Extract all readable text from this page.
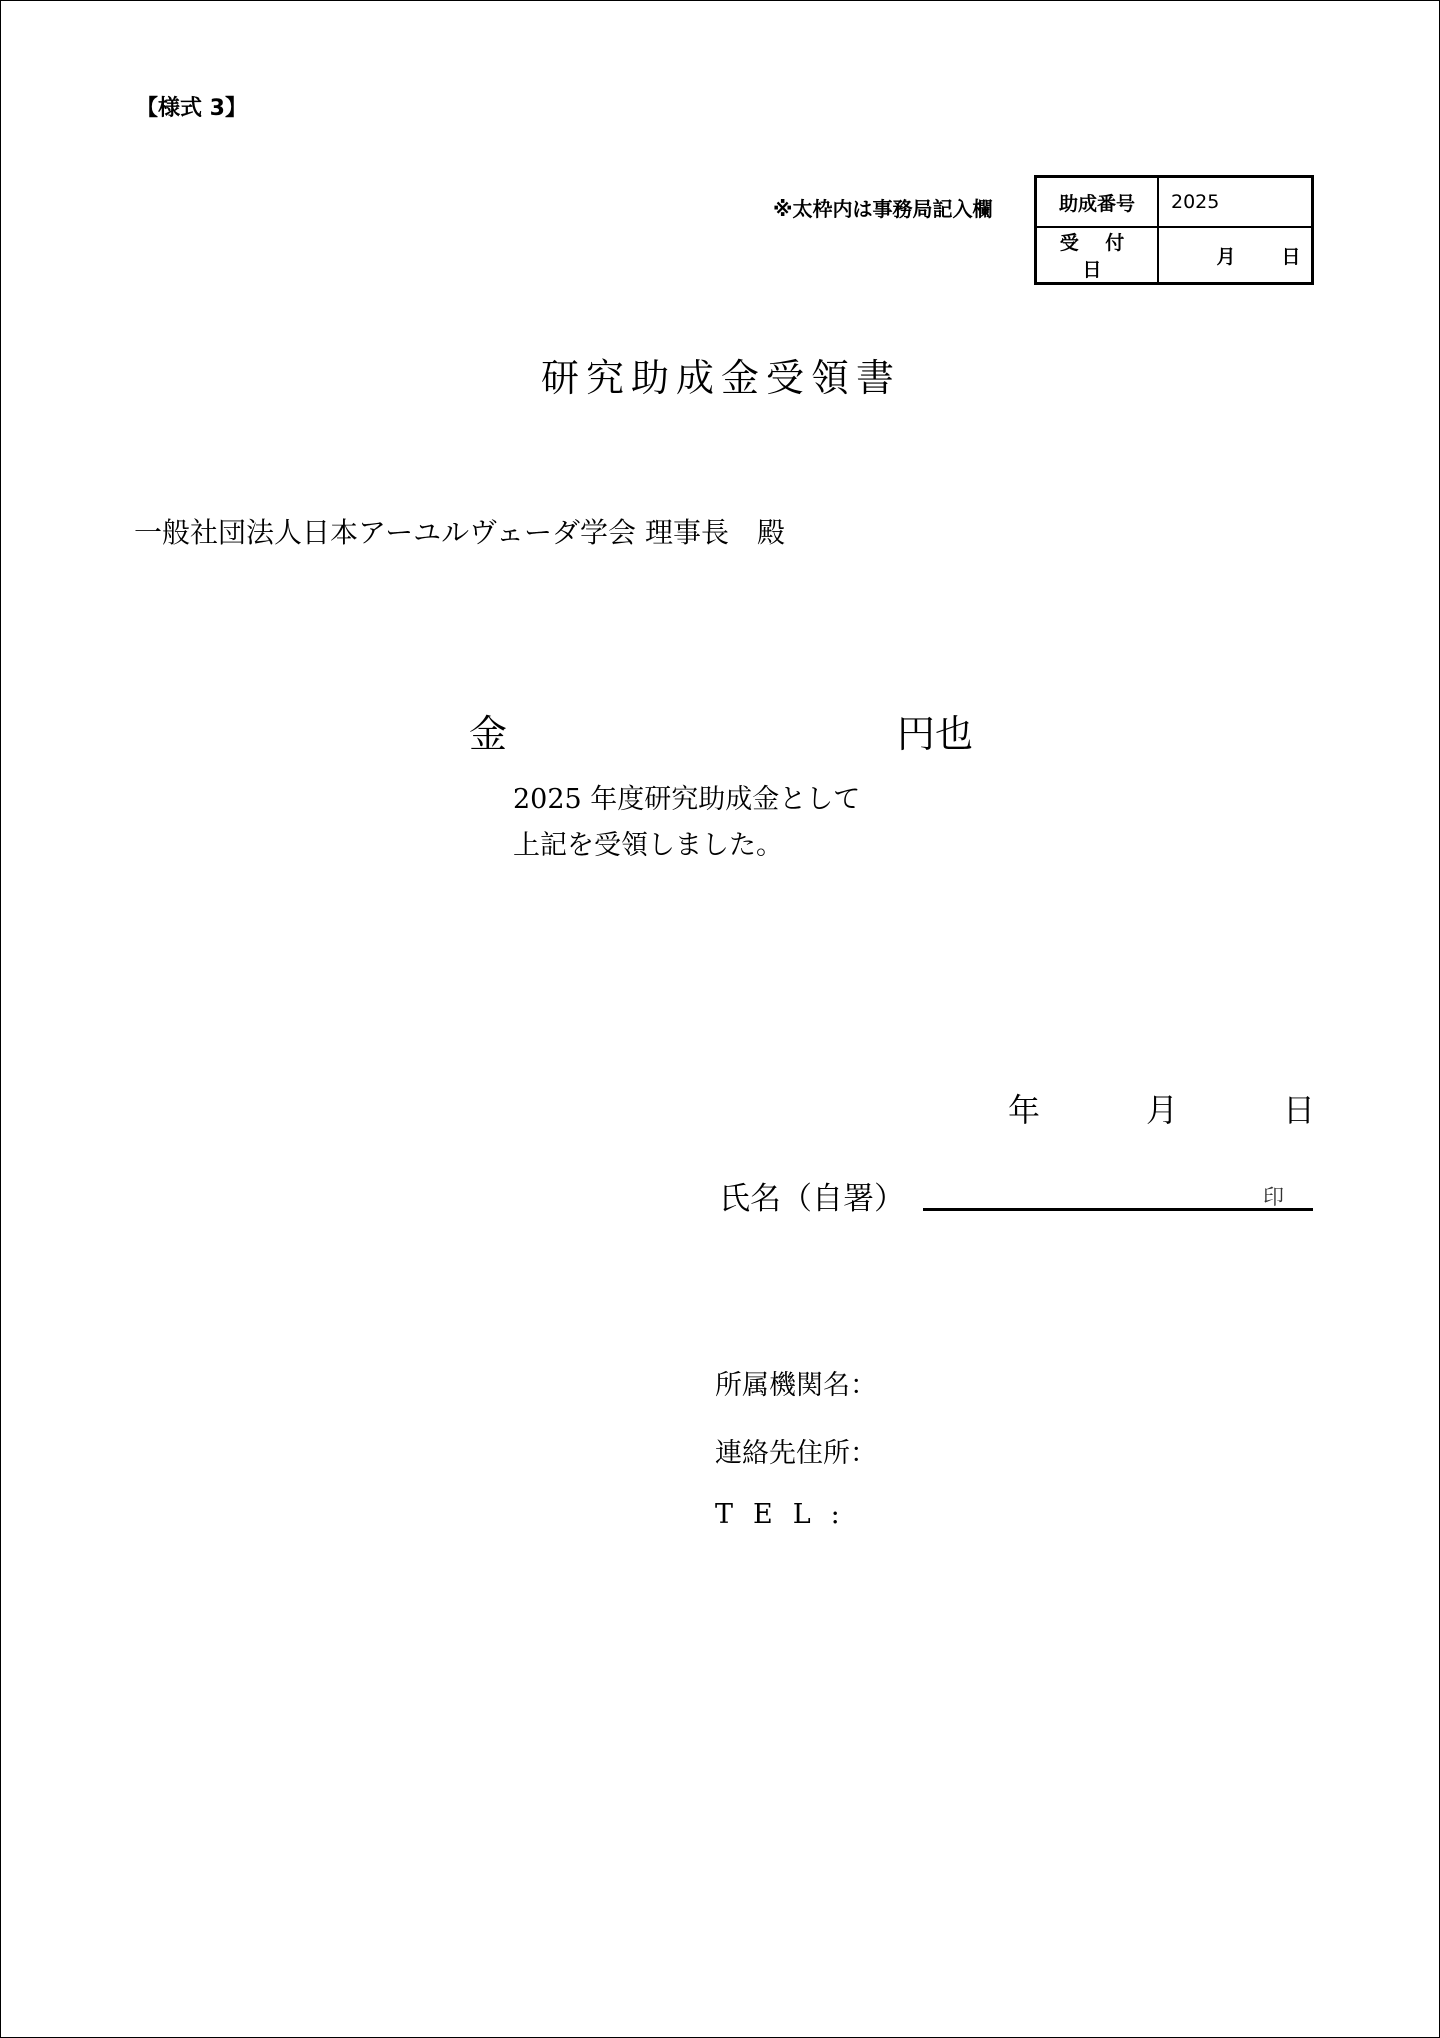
【様式 3】
※太枠内は事務局記入欄	助成番号	2025
受 付 日	月 日
研究助成金受領書
一般社団法人日本アーユルヴェーダ学会 理事長　殿
金	円也
2025 年度研究助成金として
上記を受領しました。
年	月	日
氏名（自署）	印
所属機関名：
連絡先住所：
TEL:
